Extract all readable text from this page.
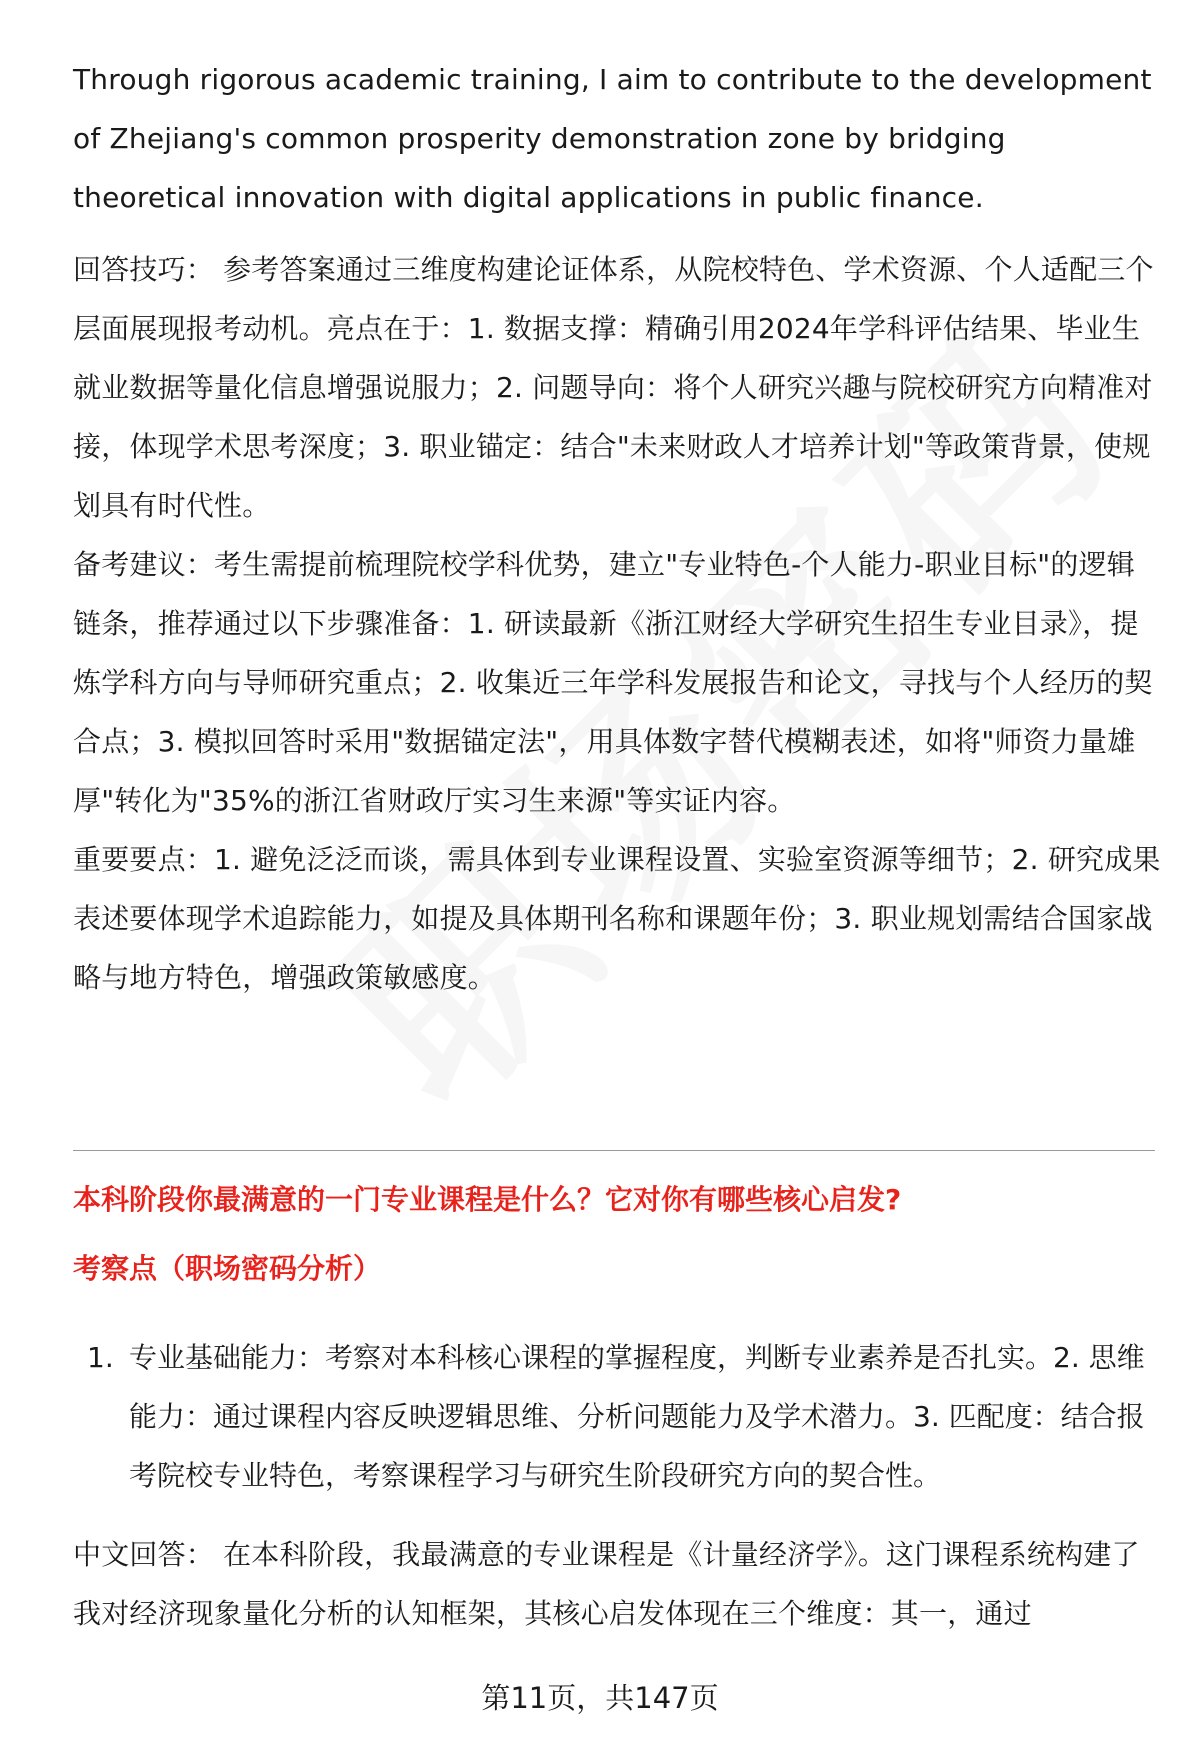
Through rigorous academic training, I aim to contribute to the development of Zhejiang's common prosperity demonstration zone by bridging theoretical innovation with digital applications in public finance.

回答技巧： 参考答案通过三维度构建论证体系，从院校特色、学术资源、个人适配三个层面展现报考动机。亮点在于：1. 数据支撑：精确引用2024年学科评估结果、毕业生就业数据等量化信息增强说服力；2. 问题导向：将个人研究兴趣与院校研究方向精准对接，体现学术思考深度；3. 职业锚定：结合"未来财政人才培养计划"等政策背景，使规划具有时代性。

备考建议：考生需提前梳理院校学科优势，建立"专业特色-个人能力-职业目标"的逻辑链条，推荐通过以下步骤准备：1. 研读最新《浙江财经大学研究生招生专业目录》，提炼学科方向与导师研究重点；2. 收集近三年学科发展报告和论文，寻找与个人经历的契合点；3. 模拟回答时采用"数据锚定法"，用具体数字替代模糊表述，如将"师资力量雄厚"转化为"35%的浙江省财政厅实习生来源"等实证内容。

重要要点：1. 避免泛泛而谈，需具体到专业课程设置、实验室资源等细节；2. 研究成果表述要体现学术追踪能力，如提及具体期刊名称和课题年份；3. 职业规划需结合国家战略与地方特色，增强政策敏感度。

本科阶段你最满意的一门专业课程是什么？它对你有哪些核心启发?

考察点（职场密码分析）

1. 专业基础能力：考察对本科核心课程的掌握程度，判断专业素养是否扎实。2. 思维能力：通过课程内容反映逻辑思维、分析问题能力及学术潜力。3. 匹配度：结合报考院校专业特色，考察课程学习与研究生阶段研究方向的契合性。

中文回答： 在本科阶段，我最满意的专业课程是《计量经济学》。这门课程系统构建了我对经济现象量化分析的认知框架，其核心启发体现在三个维度：其一，通过

第11页，共147页
